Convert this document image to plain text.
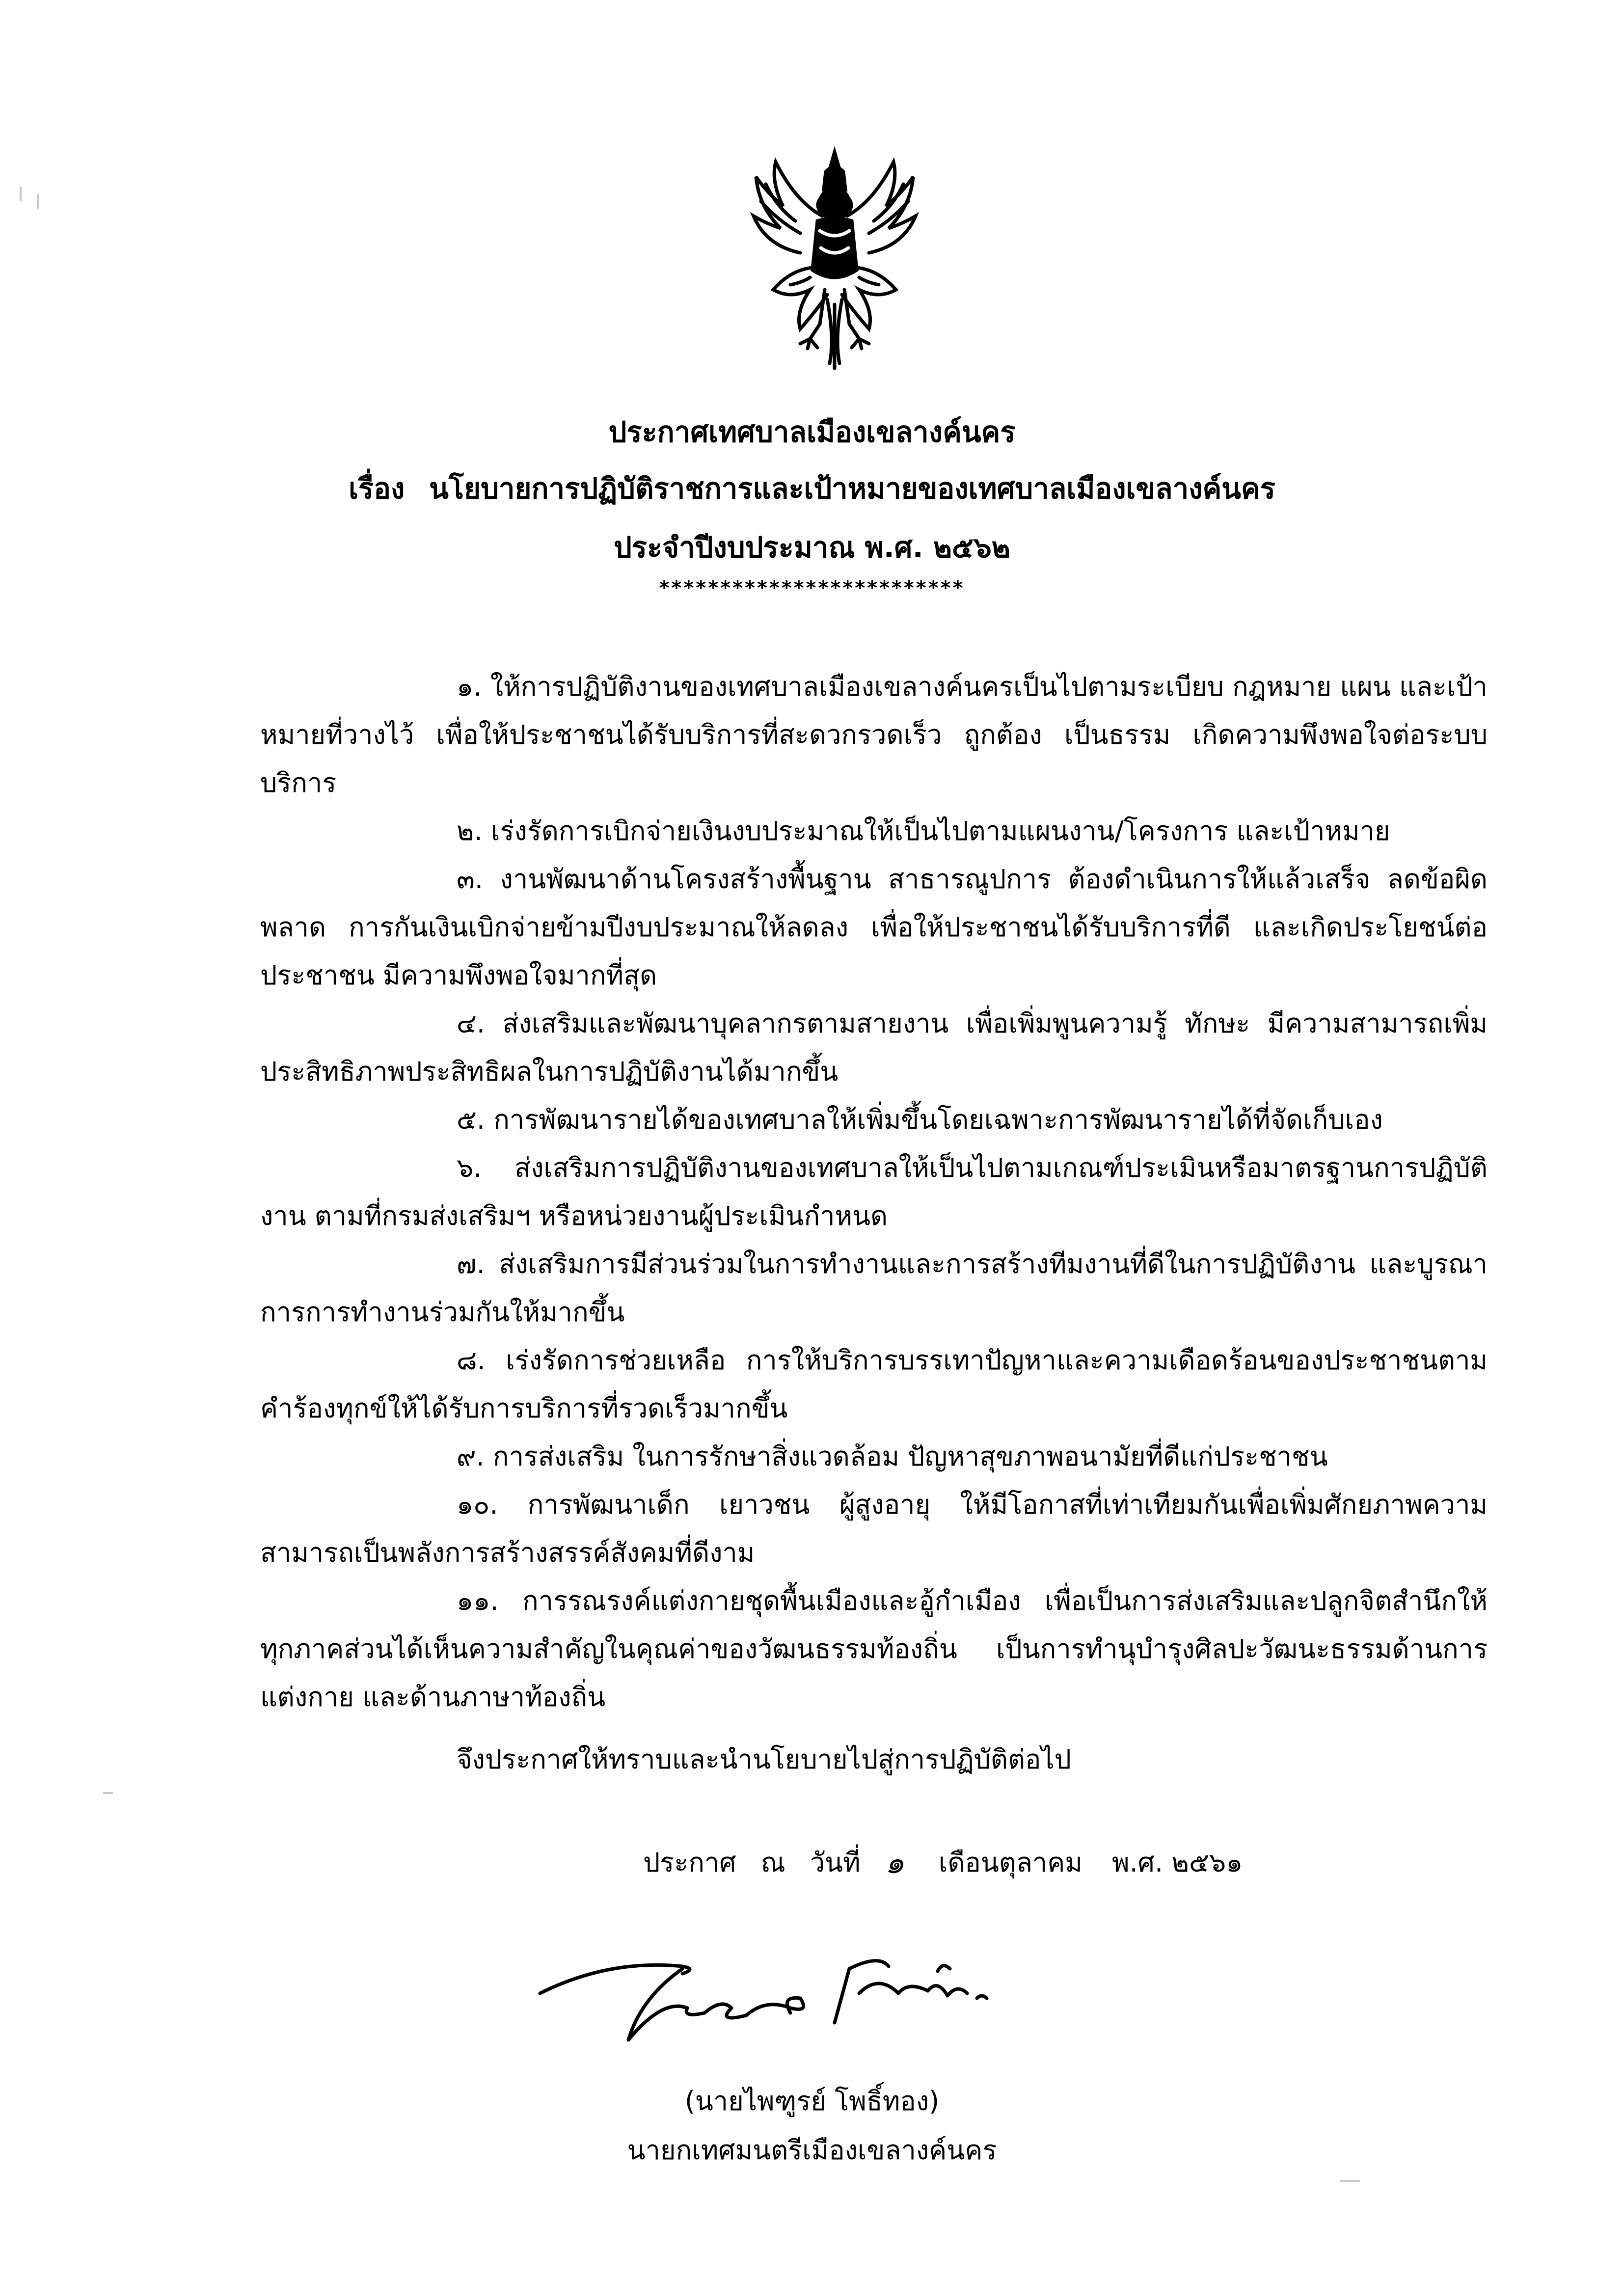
ประกาศเทศบาลเมืองเขลางค์นคร
เรื่อง นโยบายการปฏิบัติราชการและเป้าหมายของเทศบาลเมืองเขลางค์นคร
ประจำปีงบประมาณ พ.ศ. ๒๕๖๒
*************************

๑. ให้การปฏิบัติงานของเทศบาลเมืองเขลางค์นครเป็นไปตามระเบียบ กฎหมาย แผน และเป้าหมายที่วางไว้ เพื่อให้ประชาชนได้รับบริการที่สะดวกรวดเร็ว ถูกต้อง เป็นธรรม เกิดความพึงพอใจต่อระบบบริการ

๒. เร่งรัดการเบิกจ่ายเงินงบประมาณให้เป็นไปตามแผนงาน/โครงการ และเป้าหมาย

๓. งานพัฒนาด้านโครงสร้างพื้นฐาน สาธารณูปการ ต้องดำเนินการให้แล้วเสร็จ ลดข้อผิดพลาด การกันเงินเบิกจ่ายข้ามปีงบประมาณให้ลดลง เพื่อให้ประชาชนได้รับบริการที่ดี และเกิดประโยชน์ต่อประชาชน มีความพึงพอใจมากที่สุด

๔. ส่งเสริมและพัฒนาบุคลากรตามสายงาน เพื่อเพิ่มพูนความรู้ ทักษะ มีความสามารถเพิ่มประสิทธิภาพประสิทธิผลในการปฏิบัติงานได้มากขึ้น

๕. การพัฒนารายได้ของเทศบาลให้เพิ่มขึ้นโดยเฉพาะการพัฒนารายได้ที่จัดเก็บเอง

๖. ส่งเสริมการปฏิบัติงานของเทศบาลให้เป็นไปตามเกณฑ์ประเมินหรือมาตรฐานการปฏิบัติงาน ตามที่กรมส่งเสริมฯ หรือหน่วยงานผู้ประเมินกำหนด

๗. ส่งเสริมการมีส่วนร่วมในการทำงานและการสร้างทีมงานที่ดีในการปฏิบัติงาน และบูรณาการการทำงานร่วมกันให้มากขึ้น

๘. เร่งรัดการช่วยเหลือ การให้บริการบรรเทาปัญหาและความเดือดร้อนของประชาชนตามคำร้องทุกข์ให้ได้รับการบริการที่รวดเร็วมากขึ้น

๙. การส่งเสริม ในการรักษาสิ่งแวดล้อม ปัญหาสุขภาพอนามัยที่ดีแก่ประชาชน

๑๐. การพัฒนาเด็ก เยาวชน ผู้สูงอายุ ให้มีโอกาสที่เท่าเทียมกันเพื่อเพิ่มศักยภาพความสามารถเป็นพลังการสร้างสรรค์สังคมที่ดีงาม

๑๑. การรณรงค์แต่งกายชุดพื้นเมืองและอู้กำเมือง เพื่อเป็นการส่งเสริมและปลูกจิตสำนึกให้ทุกภาคส่วนได้เห็นความสำคัญในคุณค่าของวัฒนธรรมท้องถิ่น เป็นการทำนุบำรุงศิลปะวัฒนะธรรมด้านการแต่งกาย และด้านภาษาท้องถิ่น

จึงประกาศให้ทราบและนำนโยบายไปสู่การปฏิบัติต่อไป
ประกาศ ณ วันที่ ๑ เดือนตุลาคม พ.ศ. ๒๕๖๑
(นายไพฑูรย์ โพธิ์ทอง)
นายกเทศมนตรีเมืองเขลางค์นคร
